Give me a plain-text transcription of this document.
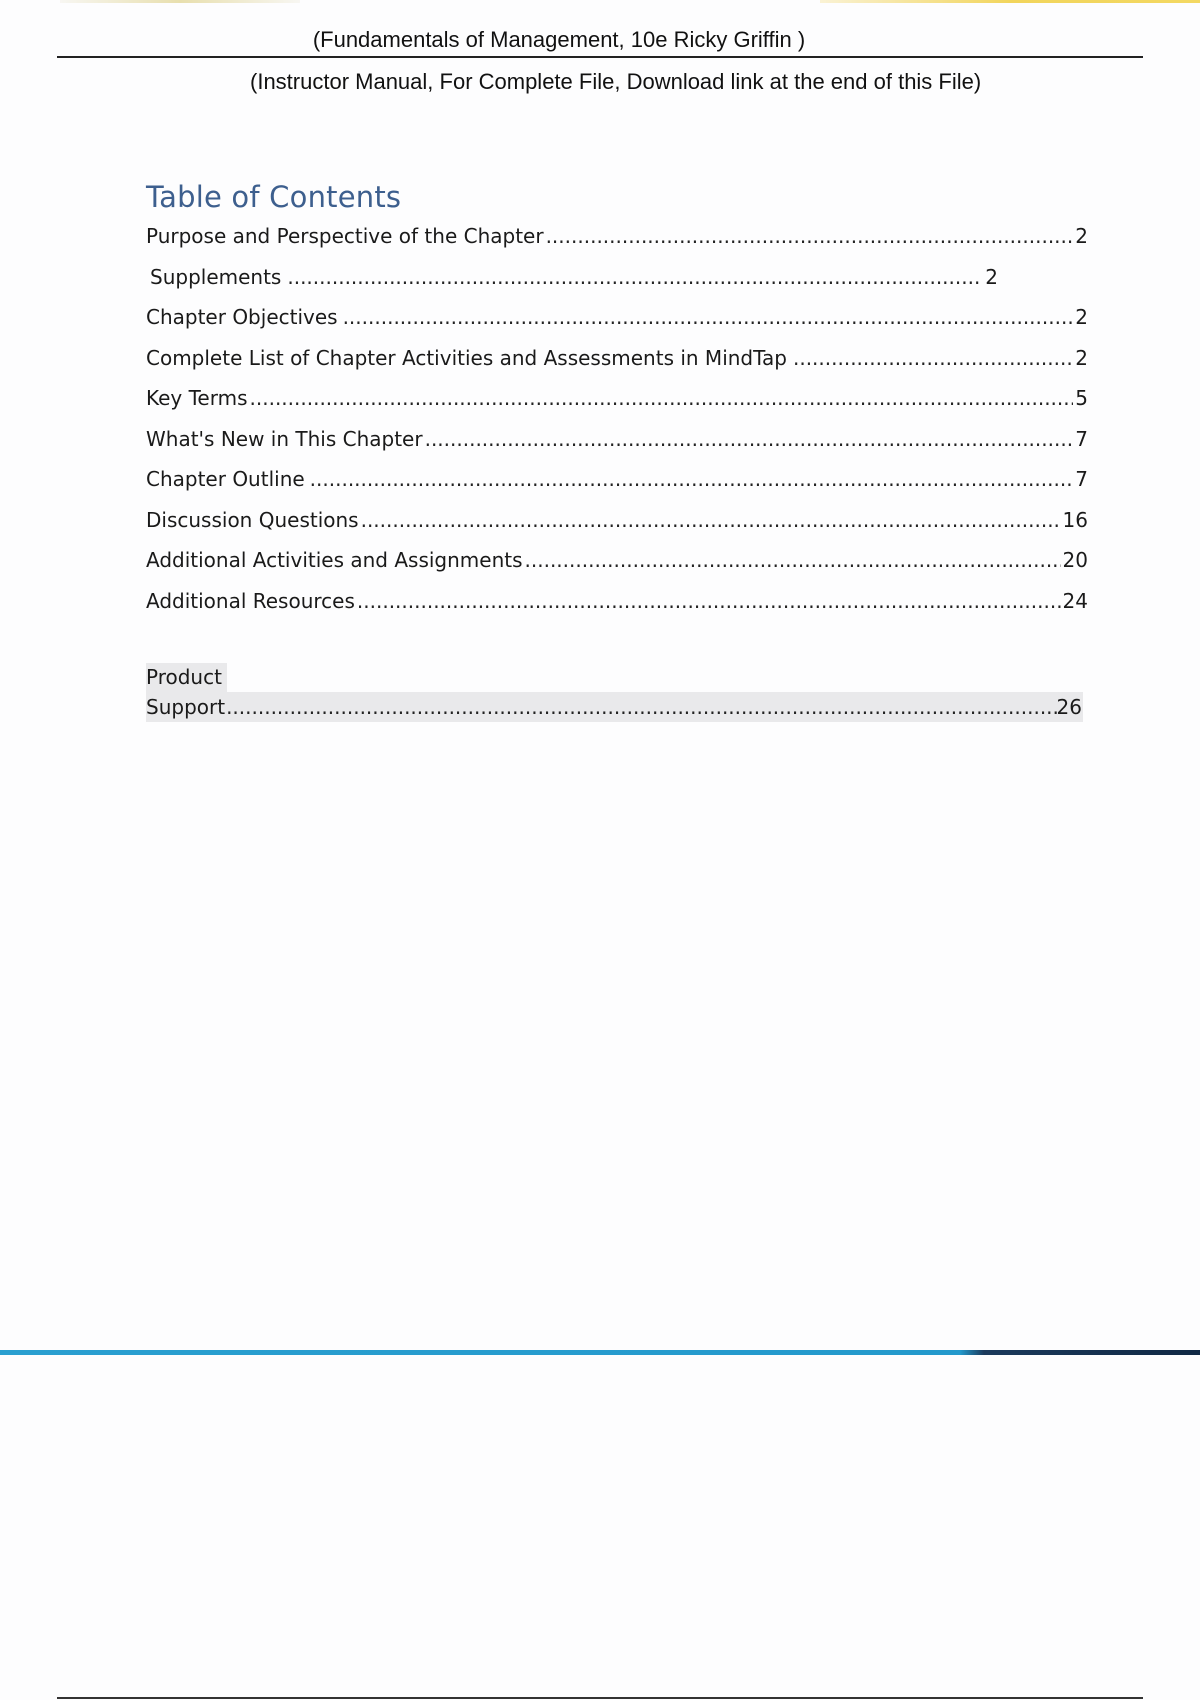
(Fundamentals of Management, 10e Ricky Griffin )
(Instructor Manual, For Complete File, Download link at the end of this File)
Table of Contents
Purpose and Perspective of the Chapter .....	2
Supplements .....	2
Chapter Objectives .....	2
Complete List of Chapter Activities and Assessments in MindTap .....	2
Key Terms .....	5
What's New in This Chapter .....	7
Chapter Outline .....	7
Discussion Questions .....	16
Additional Activities and Assignments .....	20
Additional Resources .....	24
Product
Support .....	26
